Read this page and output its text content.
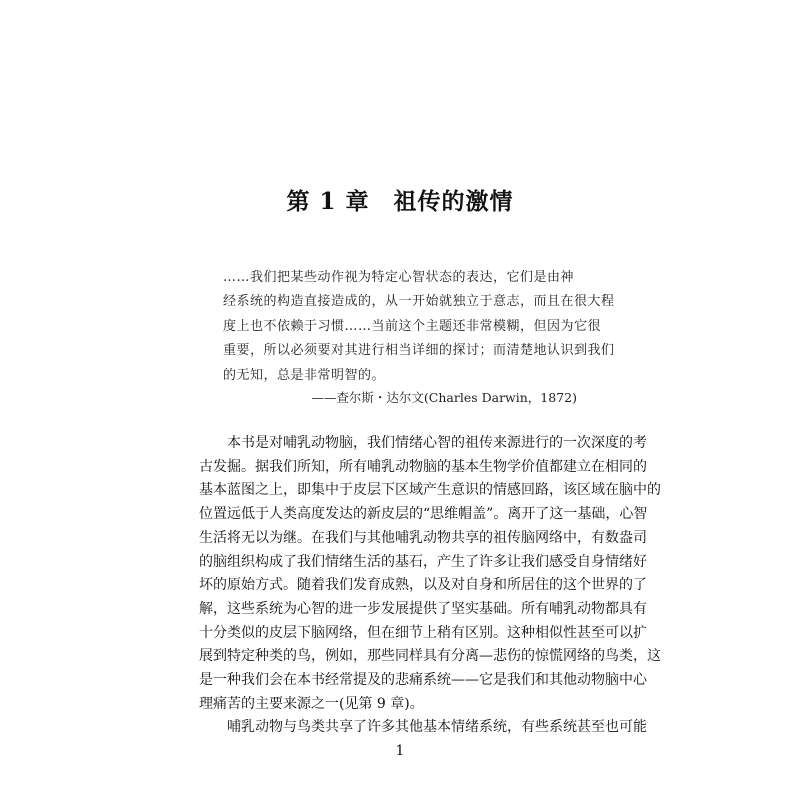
第 1 章　祖传的激情

……我们把某些动作视为特定心智状态的表达，它们是由神

经系统的构造直接造成的，从一开始就独立于意志，而且在很大程

度上也不依赖于习惯……当前这个主题还非常模糊，但因为它很

重要，所以必须要对其进行相当详细的探讨；而清楚地认识到我们

的无知，总是非常明智的。

——查尔斯・达尔文(Charles Darwin，1872)

　　本书是对哺乳动物脑，我们情绪心智的祖传来源进行的一次深度的考

古发掘。据我们所知，所有哺乳动物脑的基本生物学价值都建立在相同的

基本蓝图之上，即集中于皮层下区域产生意识的情感回路，该区域在脑中的

位置远低于人类高度发达的新皮层的“思维帽盖”。离开了这一基础，心智

生活将无以为继。在我们与其他哺乳动物共享的祖传脑网络中，有数盎司

的脑组织构成了我们情绪生活的基石，产生了许多让我们感受自身情绪好

坏的原始方式。随着我们发育成熟，以及对自身和所居住的这个世界的了

解，这些系统为心智的进一步发展提供了坚实基础。所有哺乳动物都具有

十分类似的皮层下脑网络，但在细节上稍有区别。这种相似性甚至可以扩

展到特定种类的鸟，例如，那些同样具有分离—悲伤的惊慌网络的鸟类，这

是一种我们会在本书经常提及的悲痛系统——它是我们和其他动物脑中心

理痛苦的主要来源之一(见第 9 章)。

　　哺乳动物与鸟类共享了许多其他基本情绪系统，有些系统甚至也可能

1
